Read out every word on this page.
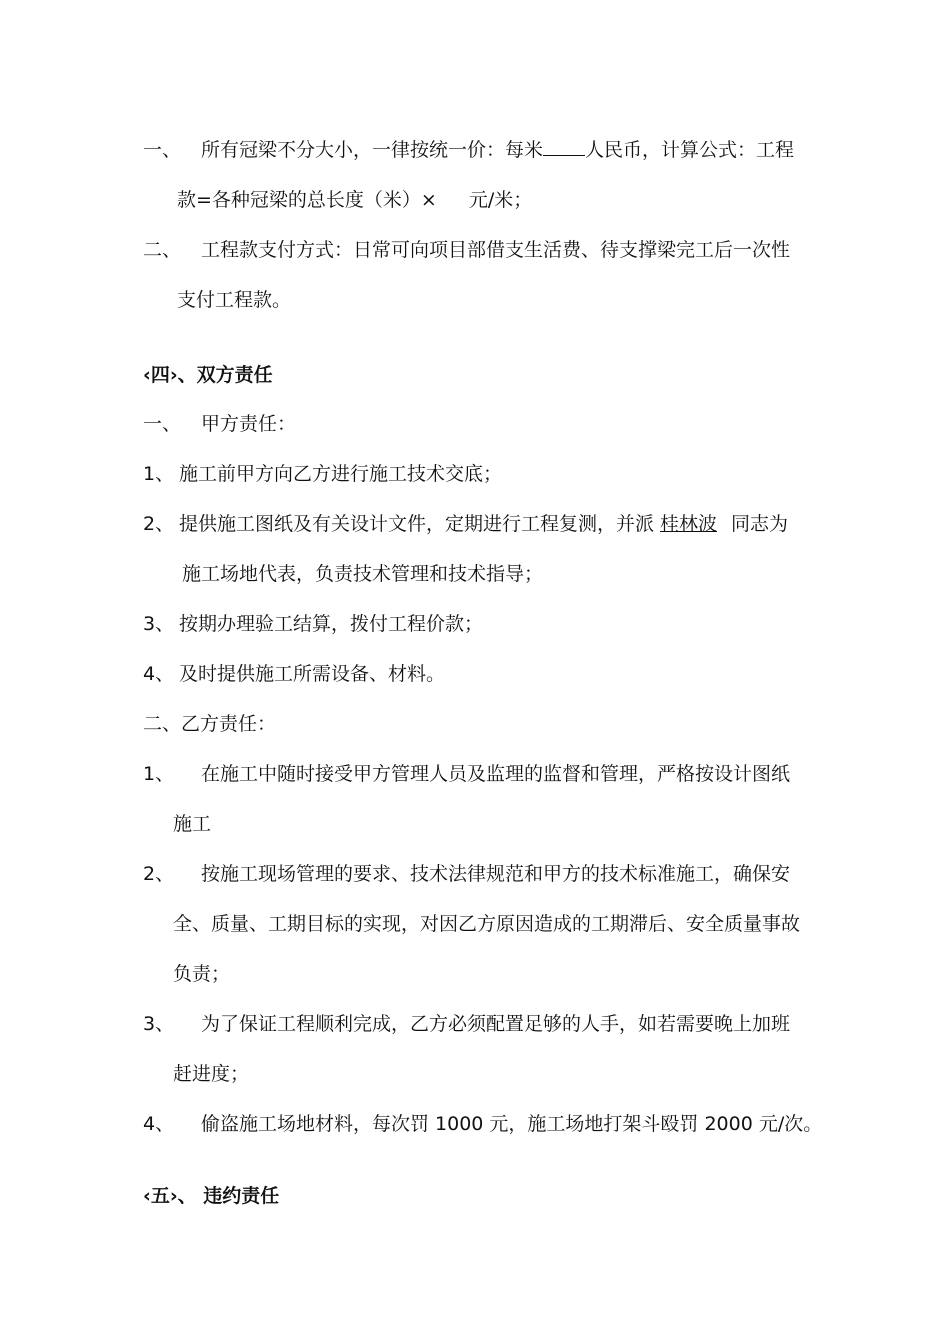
一、 所有冠梁不分大小，一律按统一价：每米 人民币，计算公式：工程
款=各种冠梁的总长度（米）× 元/米；
二、 工程款支付方式：日常可向项目部借支生活费、待支撑梁完工后一次性
支付工程款。
‹四›、双方责任
一、 甲方责任：
1、 施工前甲方向乙方进行施工技术交底；
2、 提供施工图纸及有关设计文件，定期进行工程复测，并派 桂林波 同志为
施工场地代表，负责技术管理和技术指导；
3、 按期办理验工结算，拨付工程价款；
4、 及时提供施工所需设备、材料。
二、乙方责任：
1、 在施工中随时接受甲方管理人员及监理的监督和管理，严格按设计图纸
施工
2、 按施工现场管理的要求、技术法律规范和甲方的技术标准施工，确保安
全、质量、工期目标的实现，对因乙方原因造成的工期滞后、安全质量事故
负责；
3、 为了保证工程顺利完成，乙方必须配置足够的人手，如若需要晚上加班
赶进度；
4、 偷盗施工场地材料，每次罚 1000 元，施工场地打架斗殴罚 2000 元/次。
‹五›、 违约责任
